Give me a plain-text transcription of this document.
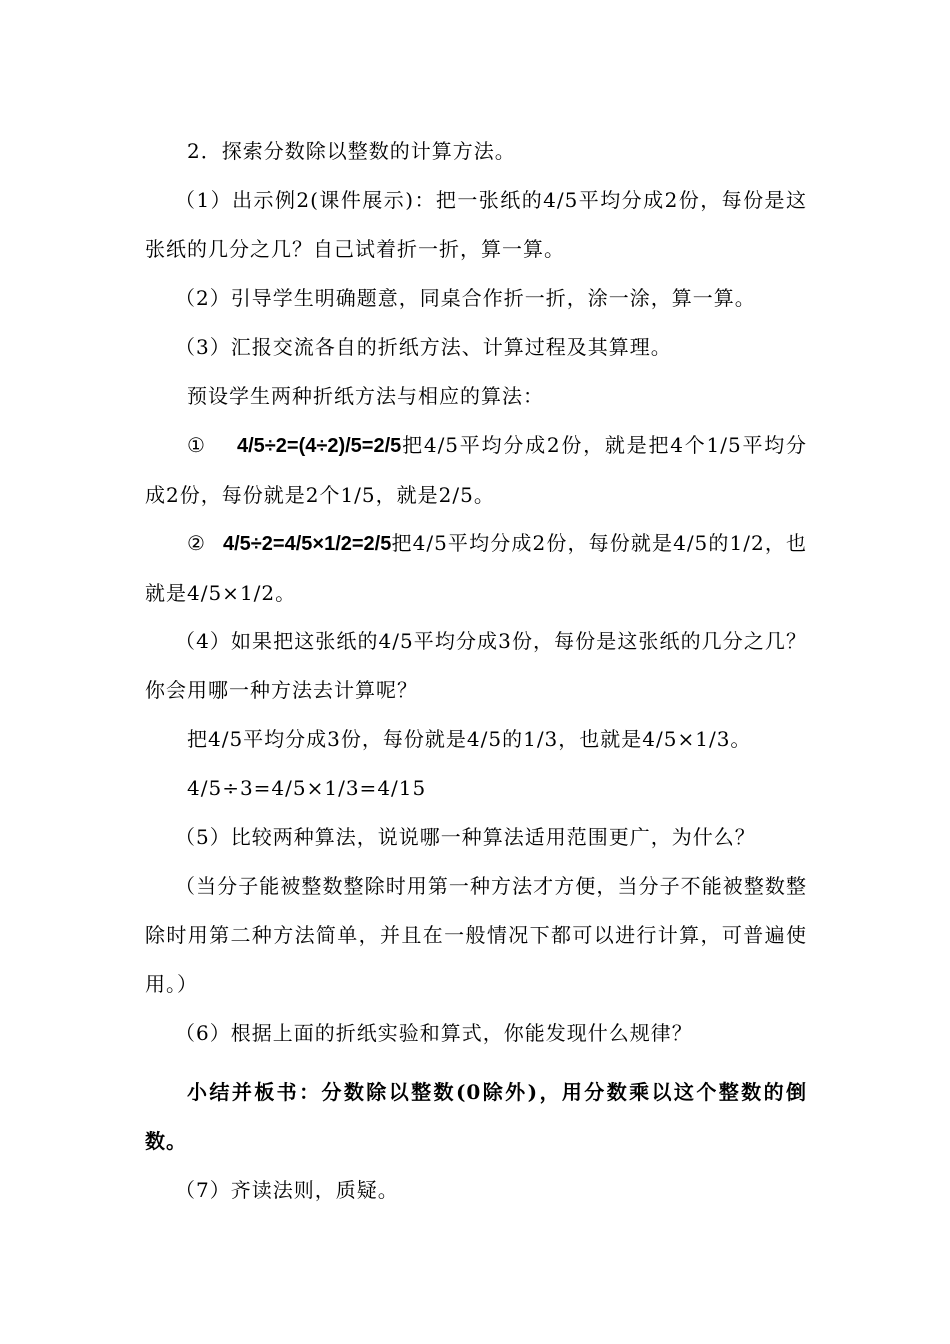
2．探索分数除以整数的计算方法。

（1）出示例2(课件展示)：把一张纸的4/5平均分成2份，每份是这张纸的几分之几？自己试着折一折，算一算。

（2）引导学生明确题意，同桌合作折一折，涂一涂，算一算。

（3）汇报交流各自的折纸方法、计算过程及其算理。

预设学生两种折纸方法与相应的算法：

① 4/5÷2=(4÷2)/5=2/5把4/5平均分成2份，就是把4个1/5平均分成2份，每份就是2个1/5，就是2/5。

② 4/5÷2=4/5×1/2=2/5把4/5平均分成2份，每份就是4/5的1/2，也就是4/5×1/2。

（4）如果把这张纸的4/5平均分成3份，每份是这张纸的几分之几？你会用哪一种方法去计算呢？

把4/5平均分成3份，每份就是4/5的1/3，也就是4/5×1/3。

4/5÷3=4/5×1/3=4/15

（5）比较两种算法，说说哪一种算法适用范围更广，为什么？

（当分子能被整数整除时用第一种方法才方便，当分子不能被整数整除时用第二种方法简单，并且在一般情况下都可以进行计算，可普遍使用。）

（6）根据上面的折纸实验和算式，你能发现什么规律？

小结并板书：分数除以整数(0除外)，用分数乘以这个整数的倒数。

（7）齐读法则，质疑。
